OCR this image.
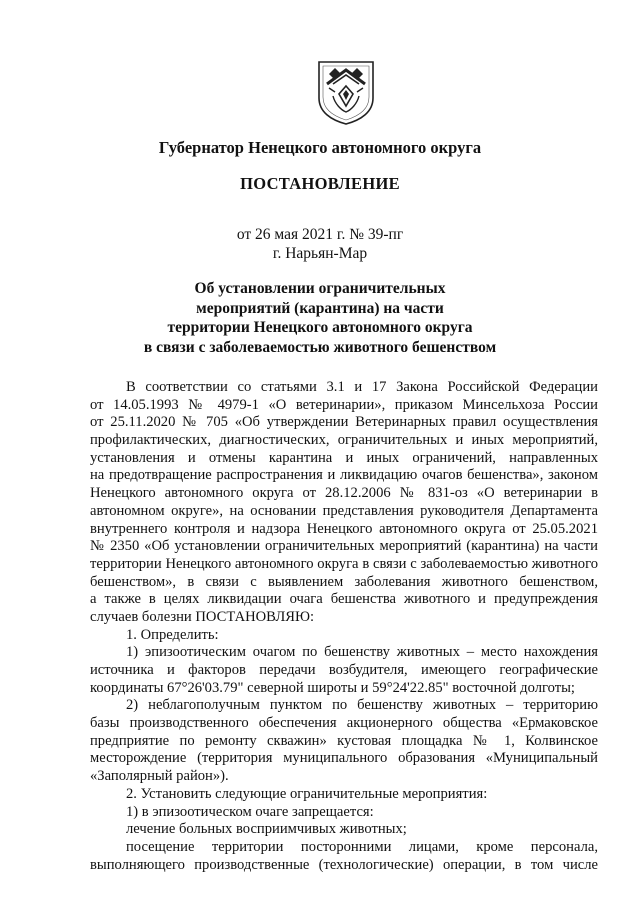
Губернатор Ненецкого автономного округа
ПОСТАНОВЛЕНИЕ
от 26 мая 2021 г. № 39-пг
г. Нарьян-Мар
Об установлении ограничительных
мероприятий (карантина) на части
территории Ненецкого автономного округа
в связи с заболеваемостью животного бешенством
В соответствии со статьями 3.1 и 17 Закона Российской Федерации
от 14.05.1993 № 4979-1 «О ветеринарии», приказом Минсельхоза России
от 25.11.2020 № 705 «Об утверждении Ветеринарных правил осуществления
профилактических, диагностических, ограничительных и иных мероприятий,
установления и отмены карантина и иных ограничений, направленных
на предотвращение распространения и ликвидацию очагов бешенства», законом
Ненецкого автономного округа от 28.12.2006 № 831-оз «О ветеринарии в
автономном округе», на основании представления руководителя Департамента
внутреннего контроля и надзора Ненецкого автономного округа от 25.05.2021
№ 2350 «Об установлении ограничительных мероприятий (карантина) на части
территории Ненецкого автономного округа в связи с заболеваемостью животного
бешенством», в связи с выявлением заболевания животного бешенством,
а также в целях ликвидации очага бешенства животного и предупреждения
случаев болезни ПОСТАНОВЛЯЮ:
1. Определить:
1) эпизоотическим очагом по бешенству животных – место нахождения
источника и факторов передачи возбудителя, имеющего географические
координаты 67°26'03.79" северной широты и 59°24'22.85" восточной долготы;
2) неблагополучным пунктом по бешенству животных – территорию
базы производственного обеспечения акционерного общества «Ермаковское
предприятие по ремонту скважин» кустовая площадка № 1, Колвинское
месторождение (территория муниципального образования «Муниципальный
«Заполярный район»).
2. Установить следующие ограничительные мероприятия:
1) в эпизоотическом очаге запрещается:
лечение больных восприимчивых животных;
посещение территории посторонними лицами, кроме персонала,
выполняющего производственные (технологические) операции, в том числе
